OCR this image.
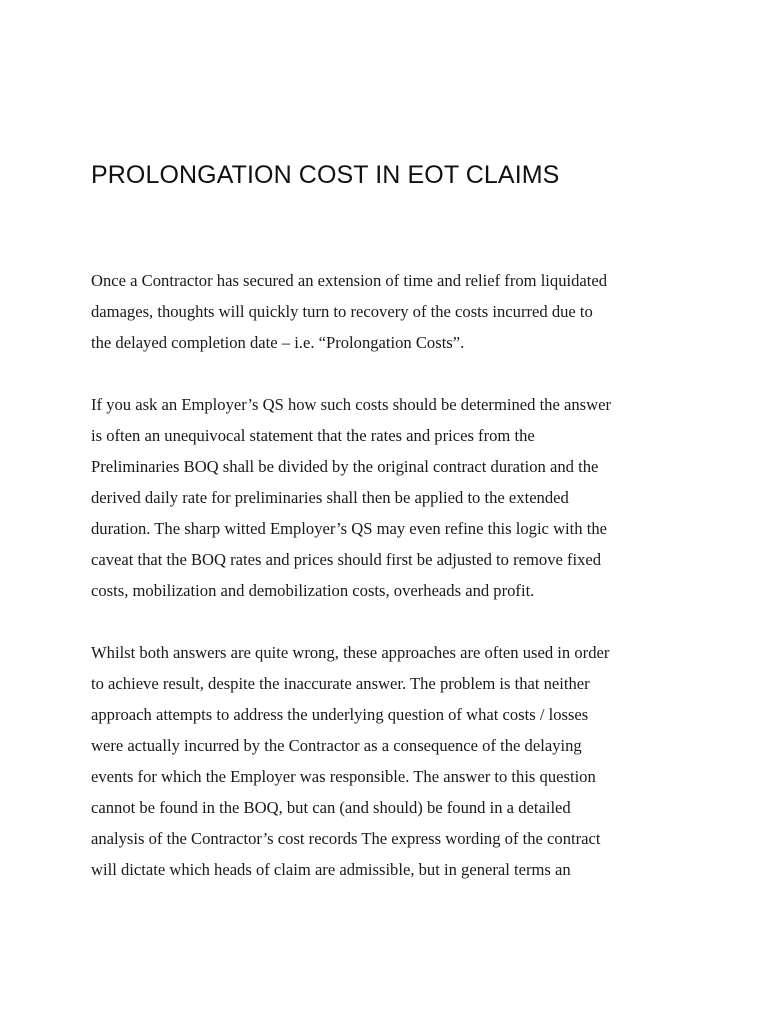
PROLONGATION COST IN EOT CLAIMS

Once a Contractor has secured an extension of time and relief from liquidated
damages, thoughts will quickly turn to recovery of the costs incurred due to
the delayed completion date – i.e. “Prolongation Costs”.

If you ask an Employer’s QS how such costs should be determined the answer
is often an unequivocal statement that the rates and prices from the
Preliminaries BOQ shall be divided by the original contract duration and the
derived daily rate for preliminaries shall then be applied to the extended
duration. The sharp witted Employer’s QS may even refine this logic with the
caveat that the BOQ rates and prices should first be adjusted to remove fixed
costs, mobilization and demobilization costs, overheads and profit.

Whilst both answers are quite wrong, these approaches are often used in order
to achieve result, despite the inaccurate answer. The problem is that neither
approach attempts to address the underlying question of what costs / losses
were actually incurred by the Contractor as a consequence of the delaying
events for which the Employer was responsible. The answer to this question
cannot be found in the BOQ, but can (and should) be found in a detailed
analysis of the Contractor’s cost records The express wording of the contract
will dictate which heads of claim are admissible, but in general terms an
